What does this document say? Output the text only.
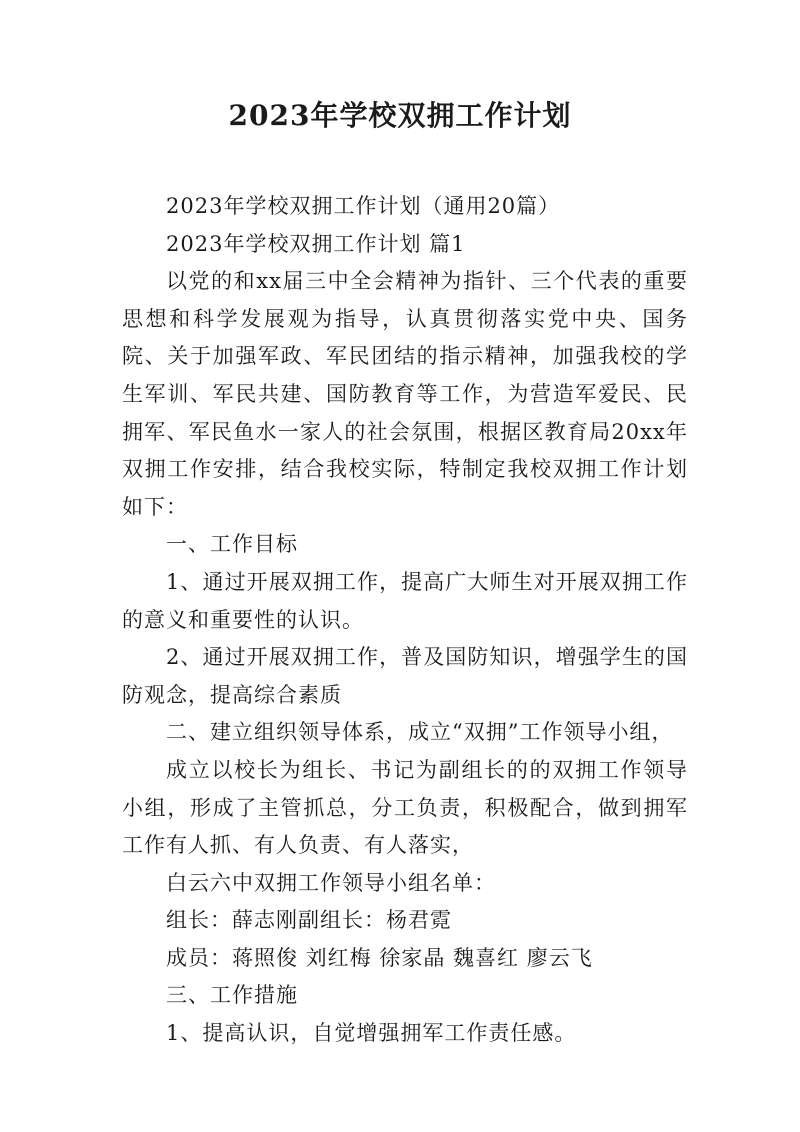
2023年学校双拥工作计划

2023年学校双拥工作计划（通用20篇）

2023年学校双拥工作计划 篇1

以党的和xx届三中全会精神为指针、三个代表的重要思想和科学发展观为指导，认真贯彻落实党中央、国务院、关于加强军政、军民团结的指示精神，加强我校的学生军训、军民共建、国防教育等工作，为营造军爱民、民拥军、军民鱼水一家人的社会氛围，根据区教育局20xx年双拥工作安排，结合我校实际，特制定我校双拥工作计划如下：

一、工作目标

1、通过开展双拥工作，提高广大师生对开展双拥工作的意义和重要性的认识。

2、通过开展双拥工作，普及国防知识，增强学生的国防观念，提高综合素质

二、建立组织领导体系，成立“双拥”工作领导小组，

成立以校长为组长、书记为副组长的的双拥工作领导小组，形成了主管抓总，分工负责，积极配合，做到拥军工作有人抓、有人负责、有人落实，

白云六中双拥工作领导小组名单：

组长：薛志刚副组长：杨君霓

成员：蒋照俊 刘红梅 徐家晶 魏喜红 廖云飞

三、工作措施

1、提高认识，自觉增强拥军工作责任感。
